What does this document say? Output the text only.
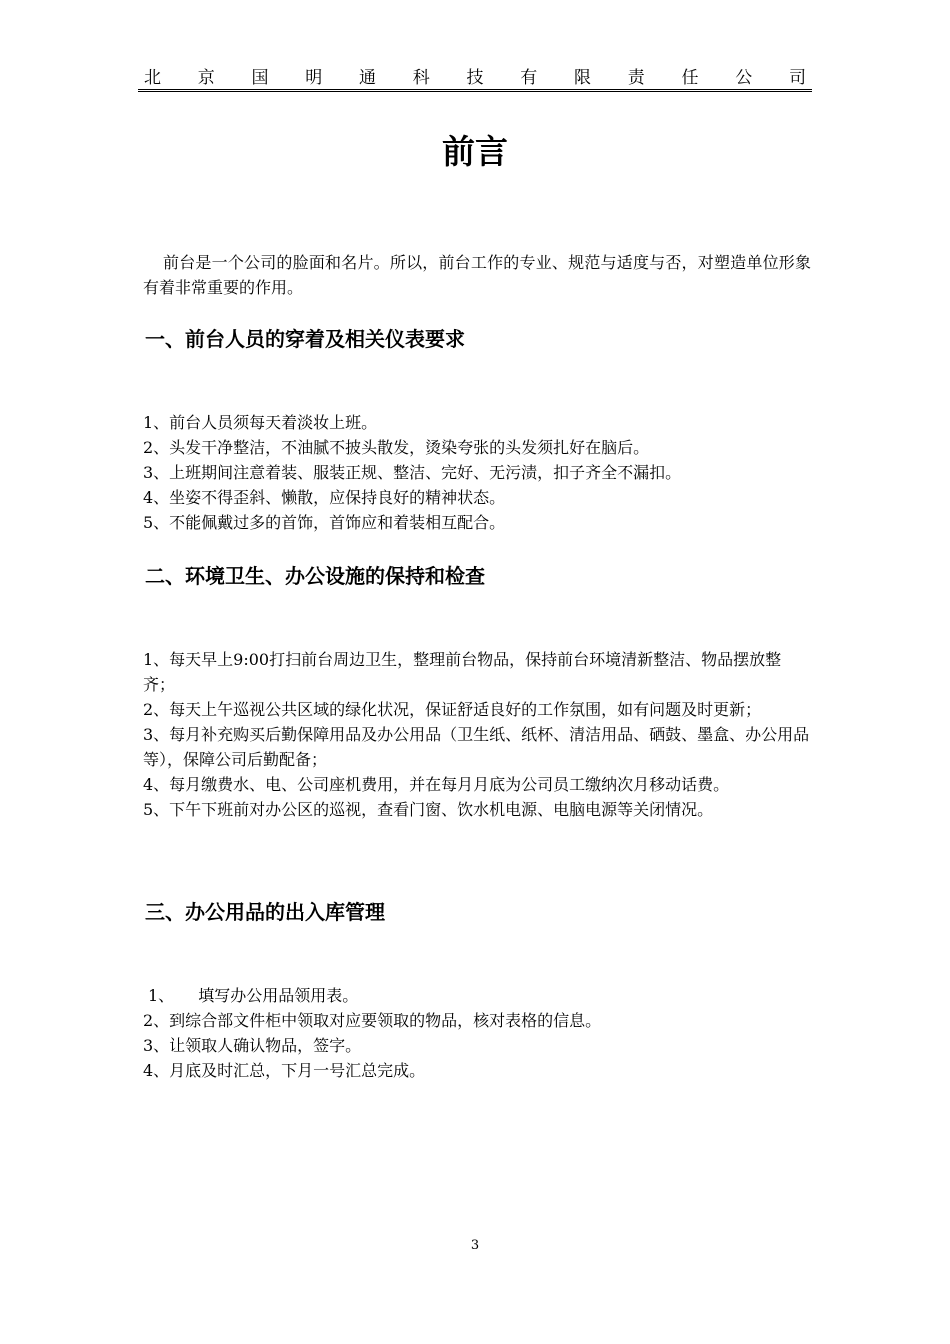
北 京 国 明 通 科 技 有 限 责 任 公 司
前言
前台是一个公司的脸面和名片。所以，前台工作的专业、规范与适度与否，对塑造单位形象有着非常重要的作用。
一、前台人员的穿着及相关仪表要求
1、前台人员须每天着淡妆上班。
2、头发干净整洁，不油腻不披头散发，烫染夸张的头发须扎好在脑后。
3、上班期间注意着装、服装正规、整洁、完好、无污渍，扣子齐全不漏扣。
4、坐姿不得歪斜、懒散，应保持良好的精神状态。
5、不能佩戴过多的首饰，首饰应和着装相互配合。
二、环境卫生、办公设施的保持和检查
1、每天早上9:00打扫前台周边卫生，整理前台物品，保持前台环境清新整洁、物品摆放整齐；
2、每天上午巡视公共区域的绿化状况，保证舒适良好的工作氛围，如有问题及时更新；
3、每月补充购买后勤保障用品及办公用品（卫生纸、纸杯、清洁用品、硒鼓、墨盒、办公用品等），保障公司后勤配备；
4、每月缴费水、电、公司座机费用，并在每月月底为公司员工缴纳次月移动话费。
5、下午下班前对办公区的巡视，查看门窗、饮水机电源、电脑电源等关闭情况。
三、办公用品的出入库管理
1、 填写办公用品领用表。
2、到综合部文件柜中领取对应要领取的物品，核对表格的信息。
3、让领取人确认物品，签字。
4、月底及时汇总，下月一号汇总完成。
3
